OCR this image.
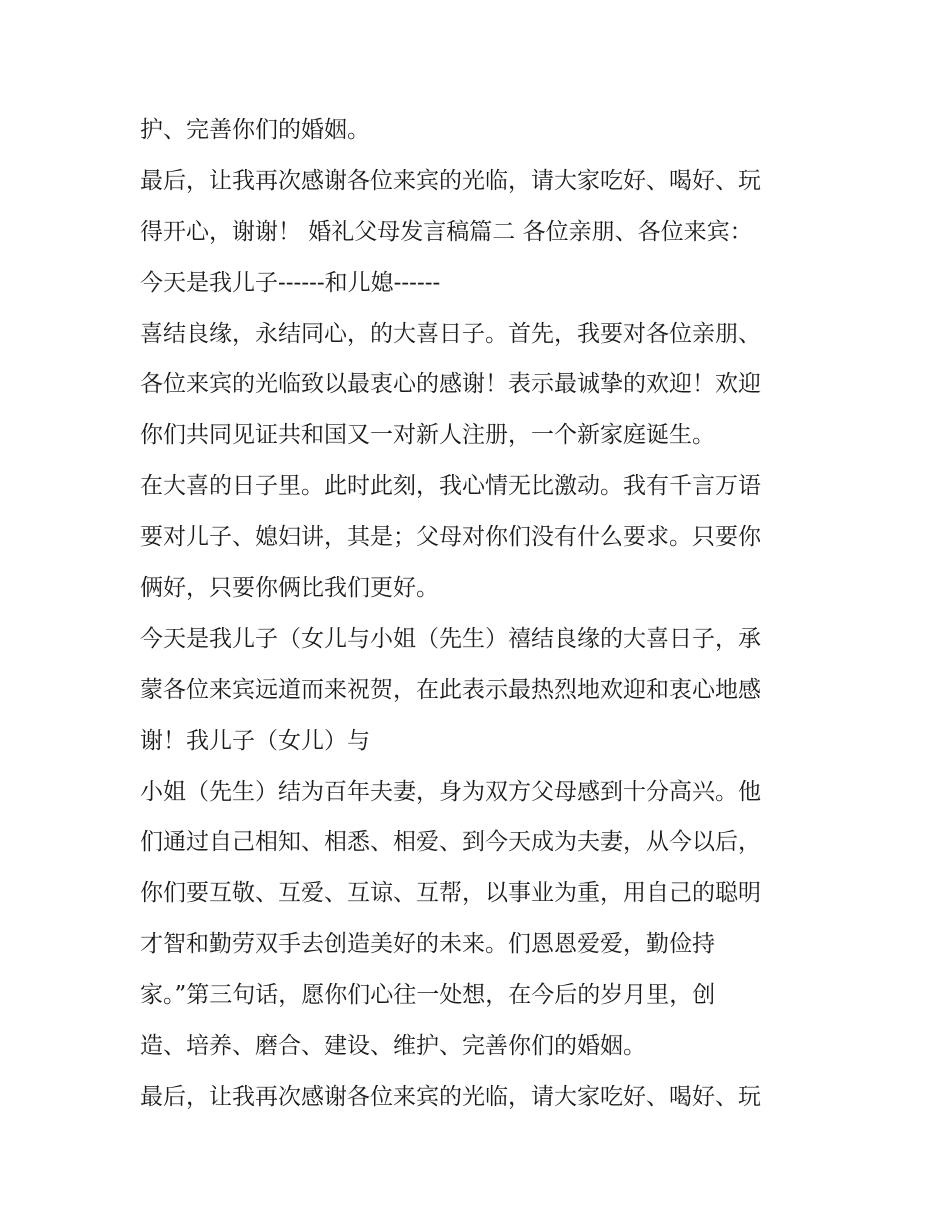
护、完善你们的婚姻。
最后，让我再次感谢各位来宾的光临，请大家吃好、喝好、玩
得开心，谢谢！ 婚礼父母发言稿篇二 各位亲朋、各位来宾：
今天是我儿子------和儿媳------
喜结良缘，永结同心，的大喜日子。首先，我要对各位亲朋、
各位来宾的光临致以最衷心的感谢！表示最诚挚的欢迎！欢迎
你们共同见证共和国又一对新人注册，一个新家庭诞生。
在大喜的日子里。此时此刻，我心情无比激动。我有千言万语
要对儿子、媳妇讲，其是；父母对你们没有什么要求。只要你
俩好，只要你俩比我们更好。
今天是我儿子（女儿与小姐（先生）禧结良缘的大喜日子，承
蒙各位来宾远道而来祝贺，在此表示最热烈地欢迎和衷心地感
谢！我儿子（女儿）与
小姐（先生）结为百年夫妻，身为双方父母感到十分高兴。他
们通过自己相知、相悉、相爱、到今天成为夫妻，从今以后，
你们要互敬、互爱、互谅、互帮，以事业为重，用自己的聪明
才智和勤劳双手去创造美好的未来。们恩恩爱爱，勤俭持
家。”第三句话，愿你们心往一处想，在今后的岁月里，创
造、培养、磨合、建设、维护、完善你们的婚姻。
最后，让我再次感谢各位来宾的光临，请大家吃好、喝好、玩
